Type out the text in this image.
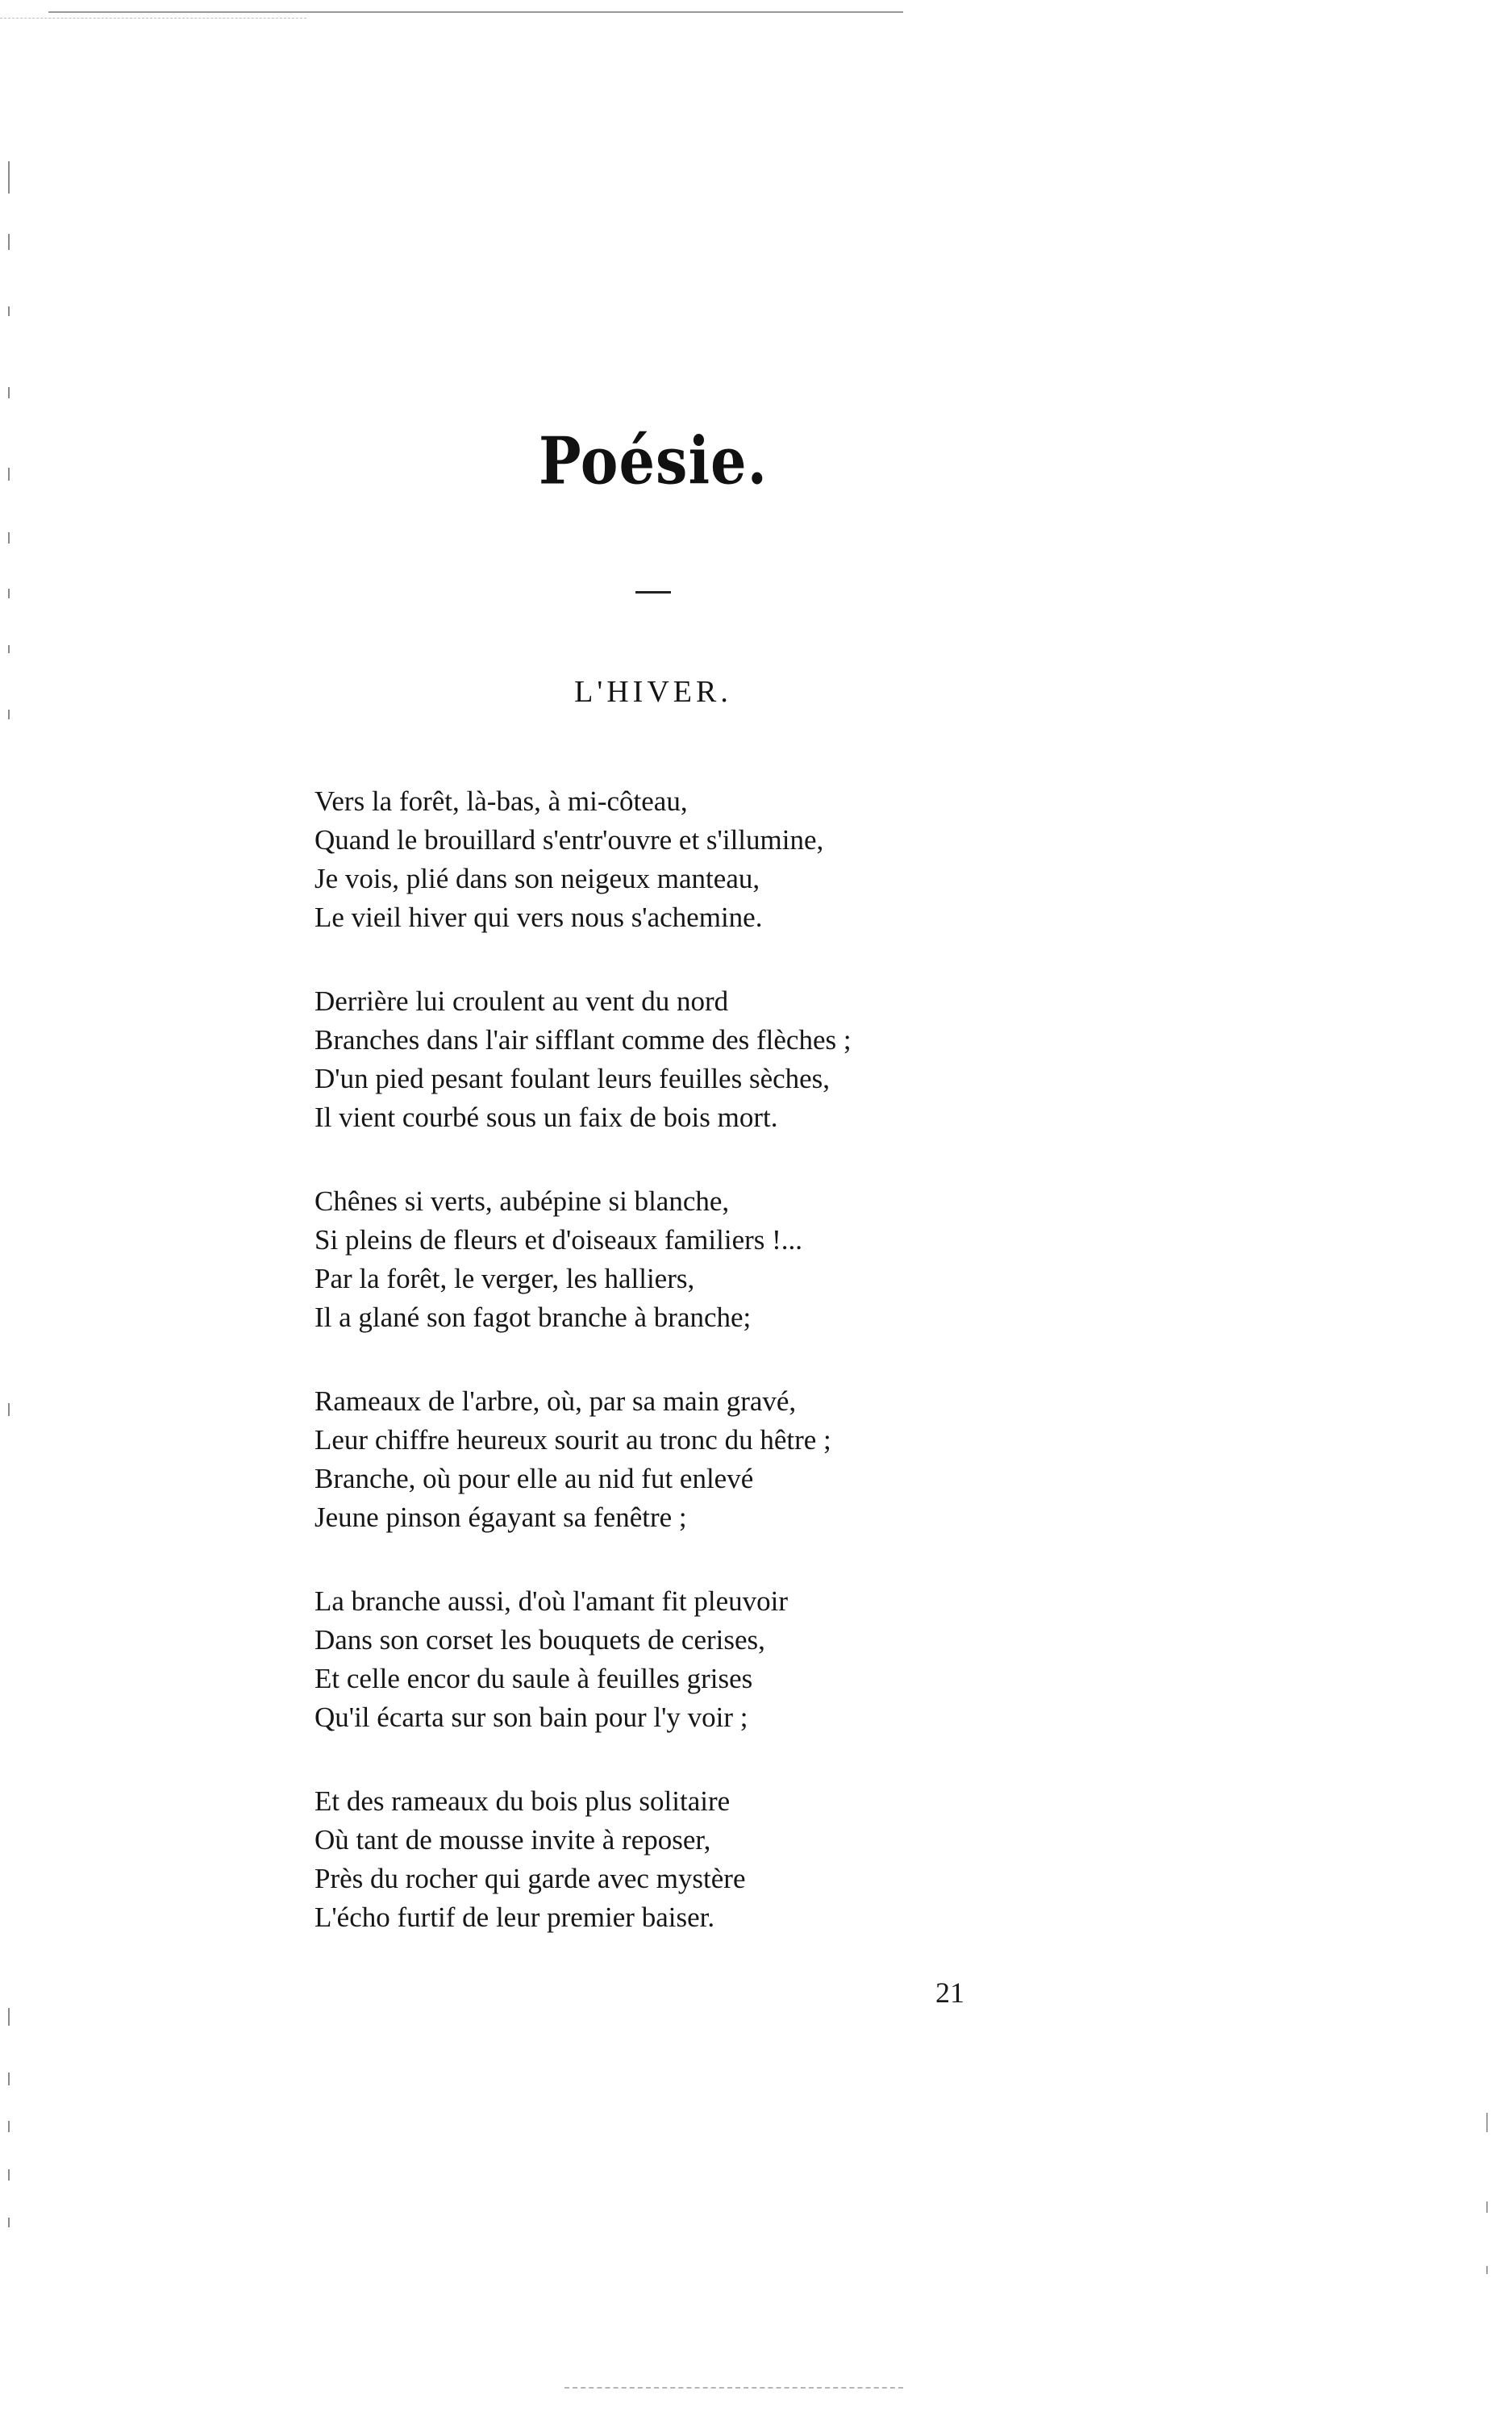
Poésie.
L'HIVER.
Vers la forêt, là-bas, à mi-côteau,
Quand le brouillard s'entr'ouvre et s'illumine,
Je vois, plié dans son neigeux manteau,
Le vieil hiver qui vers nous s'achemine.
Derrière lui croulent au vent du nord
Branches dans l'air sifflant comme des flèches ;
D'un pied pesant foulant leurs feuilles sèches,
Il vient courbé sous un faix de bois mort.
Chênes si verts, aubépine si blanche,
Si pleins de fleurs et d'oiseaux familiers !...
Par la forêt, le verger, les halliers,
Il a glané son fagot branche à branche;
Rameaux de l'arbre, où, par sa main gravé,
Leur chiffre heureux sourit au tronc du hêtre ;
Branche, où pour elle au nid fut enlevé
Jeune pinson égayant sa fenêtre ;
La branche aussi, d'où l'amant fit pleuvoir
Dans son corset les bouquets de cerises,
Et celle encor du saule à feuilles grises
Qu'il écarta sur son bain pour l'y voir ;
Et des rameaux du bois plus solitaire
Où tant de mousse invite à reposer,
Près du rocher qui garde avec mystère
L'écho furtif de leur premier baiser.
21
